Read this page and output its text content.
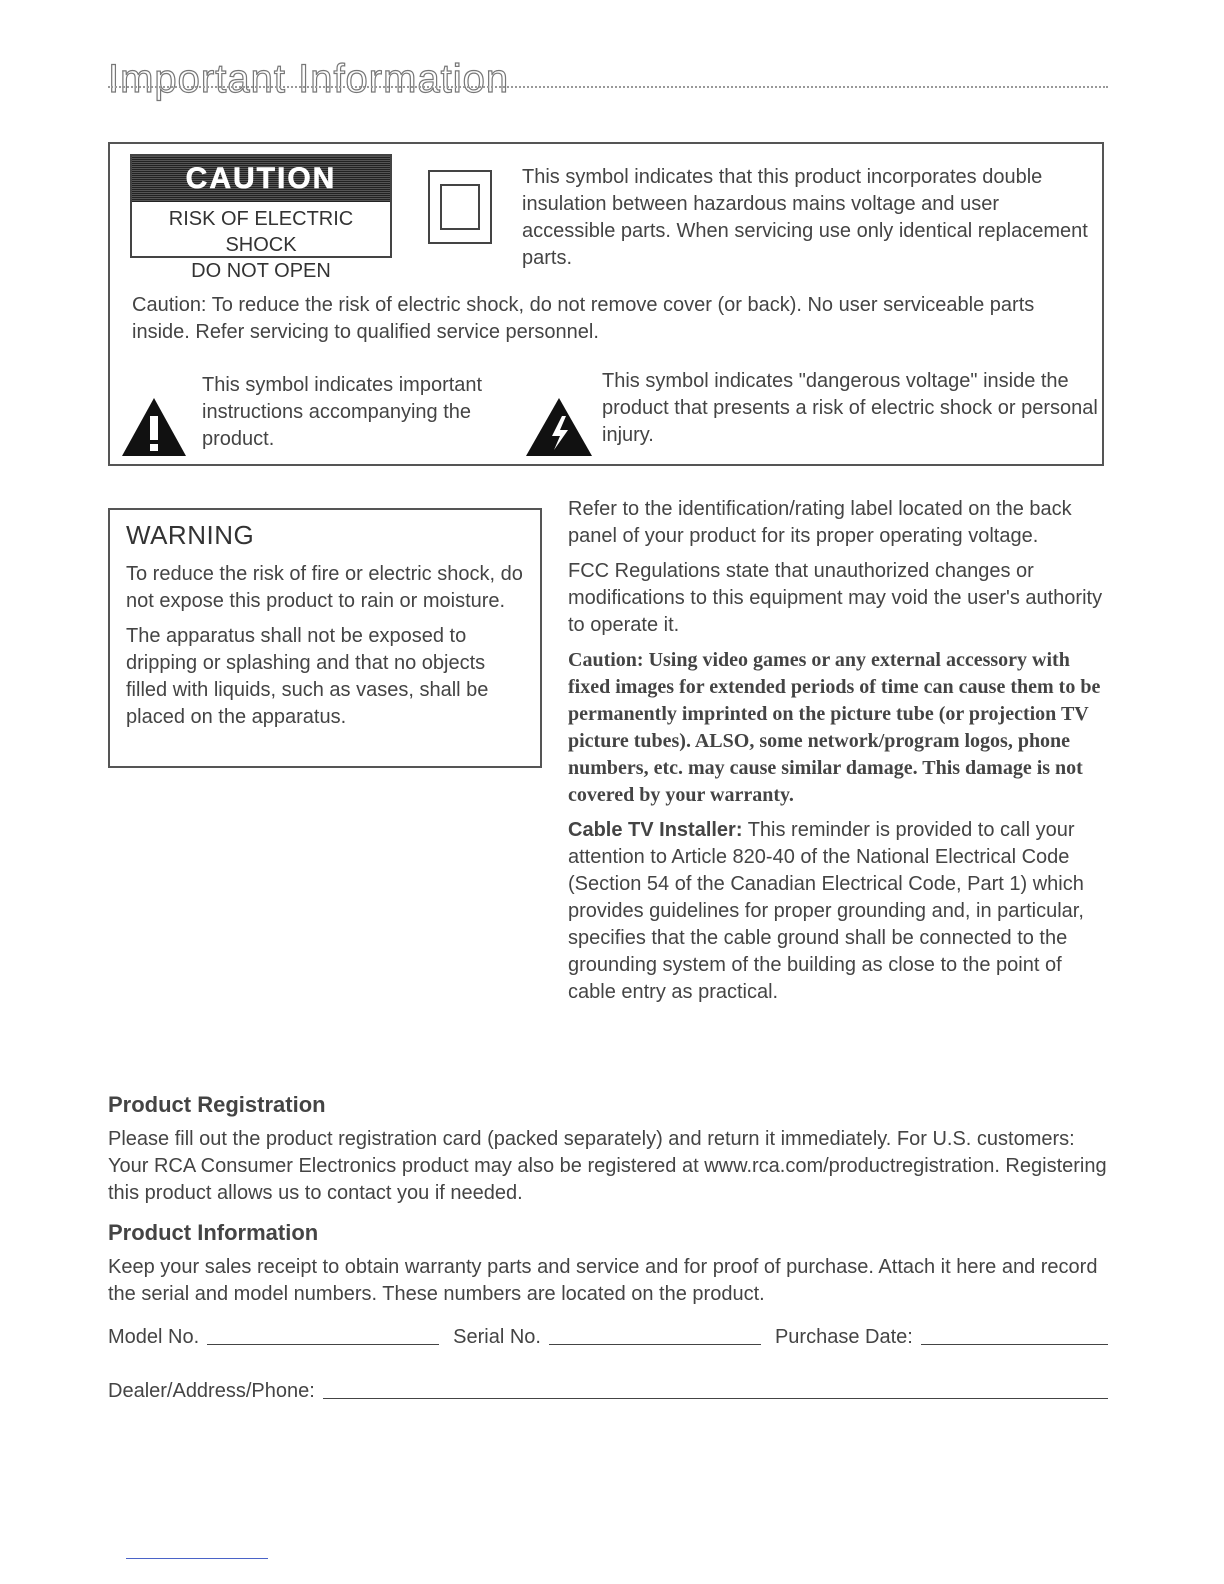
Important Information
CAUTION
RISK OF ELECTRIC SHOCK
DO NOT OPEN

This symbol indicates that this product incorporates double insulation between hazardous mains voltage and user accessible parts. When servicing use only identical replacement parts.

Caution: To reduce the risk of electric shock, do not remove cover (or back). No user serviceable parts inside. Refer servicing to qualified service personnel.

This symbol indicates important instructions accompanying the product.

This symbol indicates "dangerous voltage" inside the product that presents a risk of electric shock or personal injury.

WARNING

To reduce the risk of fire or electric shock, do not expose this product to rain or moisture.

The apparatus shall not be exposed to dripping or splashing and that no objects filled with liquids, such as vases, shall be placed on the apparatus.

Refer to the identification/rating label located on the back panel of your product for its proper operating voltage.

FCC Regulations state that unauthorized changes or modifications to this equipment may void the user's authority to operate it.

Caution: Using video games or any external accessory with fixed images for extended periods of time can cause them to be permanently imprinted on the picture tube (or projection TV picture tubes). ALSO, some network/program logos, phone numbers, etc. may cause similar damage. This damage is not covered by your warranty.

Cable TV Installer: This reminder is provided to call your attention to Article 820-40 of the National Electrical Code (Section 54 of the Canadian Electrical Code, Part 1) which provides guidelines for proper grounding and, in particular, specifies that the cable ground shall be connected to the grounding system of the building as close to the point of cable entry as practical.

Product Registration

Please fill out the product registration card (packed separately) and return it immediately. For U.S. customers: Your RCA Consumer Electronics product may also be registered at www.rca.com/productregistration. Registering this product allows us to contact you if needed.

Product Information

Keep your sales receipt to obtain warranty parts and service and for proof of purchase. Attach it here and record the serial and model numbers. These numbers are located on the product.

Model No.	Serial No.	Purchase Date:
Dealer/Address/Phone:
